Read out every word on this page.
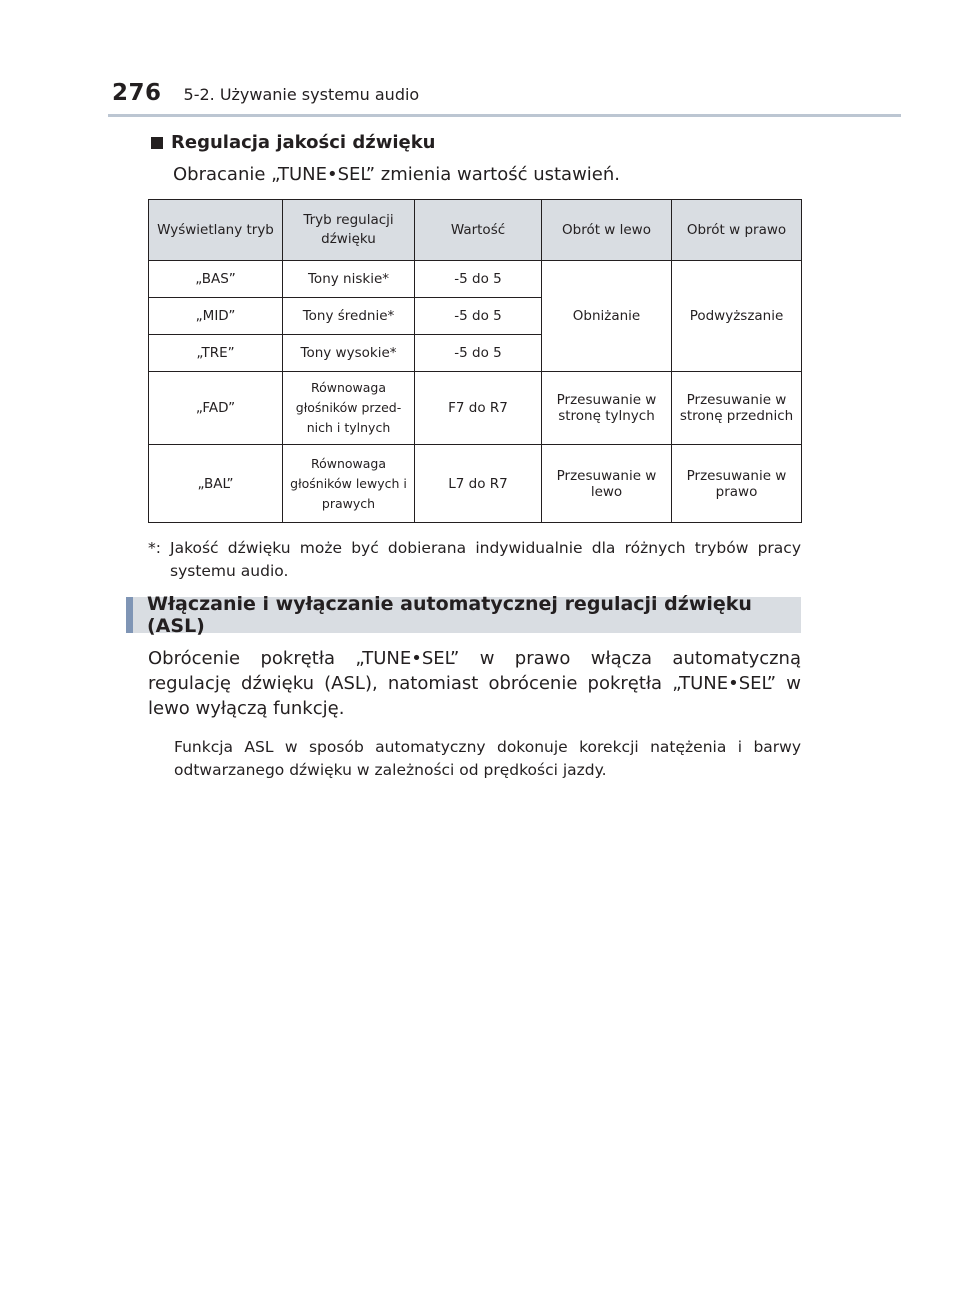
276 5-2. Używanie systemu audio
Regulacja jakości dźwięku
Obracanie „TUNE•SEL” zmienia wartość ustawień.
Wyświetlany tryb	Tryb regulacji dźwięku	Wartość	Obrót w lewo	Obrót w prawo
„BAS”	Tony niskie*	-5 do 5	Obniżanie	Podwyższanie
„MID”	Tony średnie*	-5 do 5		
„TRE”	Tony wysokie*	-5 do 5		
„FAD”	Równowaga głośników przed-nich i tylnych	F7 do R7	Przesuwanie w stronę tylnych	Przesuwanie w stronę przednich
„BAL”	Równowaga głośników lewych i prawych	L7 do R7	Przesuwanie w lewo	Przesuwanie w prawo
*: Jakość dźwięku może być dobierana indywidualnie dla różnych trybów pracy systemu audio.
Włączanie i wyłączanie automatycznej regulacji dźwięku (ASL)
Obrócenie pokrętła „TUNE•SEL” w prawo włącza automatyczną regulację dźwięku (ASL), natomiast obrócenie pokrętła „TUNE•SEL” w lewo wyłączą funkcję.
Funkcja ASL w sposób automatyczny dokonuje korekcji natężenia i barwy odtwarzanego dźwięku w zależności od prędkości jazdy.
